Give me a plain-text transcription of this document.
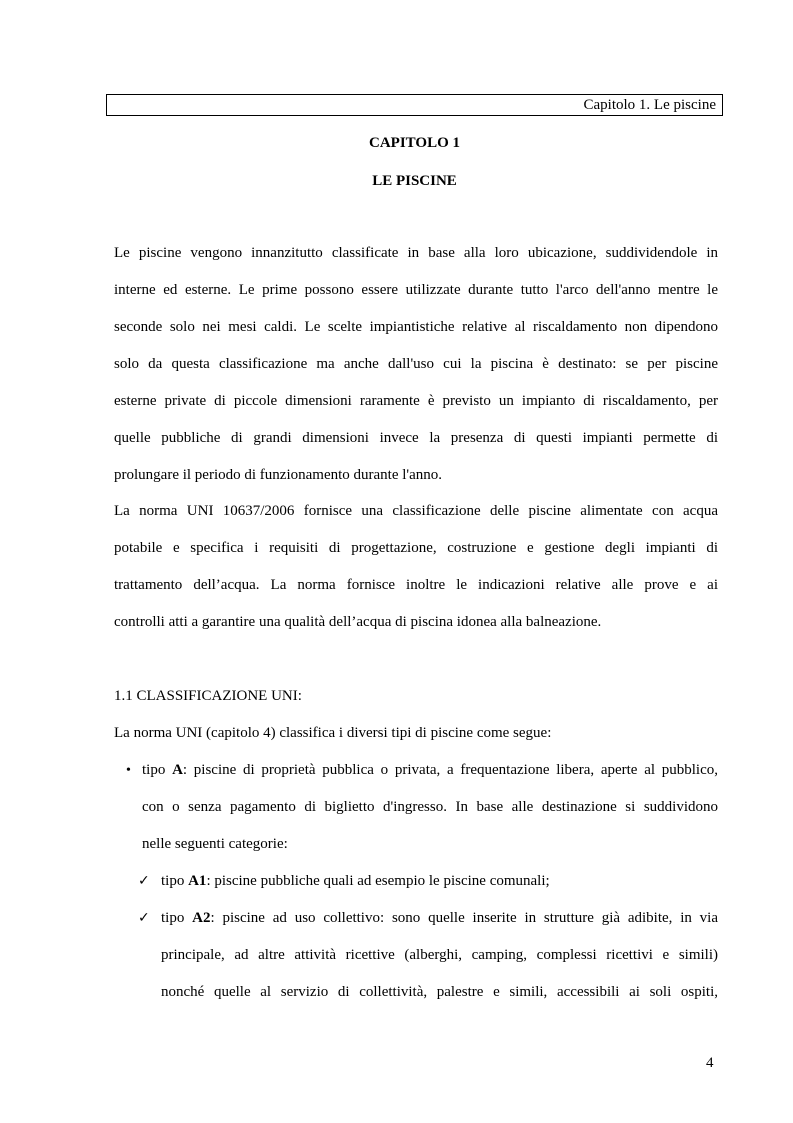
Capitolo 1. Le piscine
CAPITOLO 1
LE PISCINE
Le piscine vengono innanzitutto classificate in base alla loro ubicazione, suddividendole in
interne ed esterne. Le prime possono essere utilizzate durante tutto l'arco dell'anno mentre le
seconde solo nei mesi caldi. Le scelte impiantistiche relative al riscaldamento non dipendono
solo da questa classificazione ma anche dall'uso cui la piscina è destinato: se per piscine
esterne private di piccole dimensioni raramente è previsto un impianto di riscaldamento, per
quelle pubbliche di grandi dimensioni invece la presenza di questi impianti permette di
prolungare il periodo di funzionamento durante l'anno.
La norma UNI 10637/2006 fornisce una classificazione delle piscine alimentate con acqua
potabile e specifica i requisiti di progettazione, costruzione e gestione degli impianti di
trattamento dell’acqua. La norma fornisce inoltre le indicazioni relative alle prove e ai
controlli atti a garantire una qualità dell’acqua di piscina idonea alla balneazione.
1.1 CLASSIFICAZIONE UNI:
La norma UNI (capitolo 4) classifica i diversi tipi di piscine come segue:
• tipo A: piscine di proprietà pubblica o privata, a frequentazione libera, aperte al pubblico,
con o senza pagamento di biglietto d'ingresso. In base alle destinazione si suddividono
nelle seguenti categorie:
✓ tipo A1: piscine pubbliche quali ad esempio le piscine comunali;
✓ tipo A2: piscine ad uso collettivo: sono quelle inserite in strutture già adibite, in via
principale, ad altre attività ricettive (alberghi, camping, complessi ricettivi e simili)
nonché quelle al servizio di collettività, palestre e simili, accessibili ai soli ospiti,
4
